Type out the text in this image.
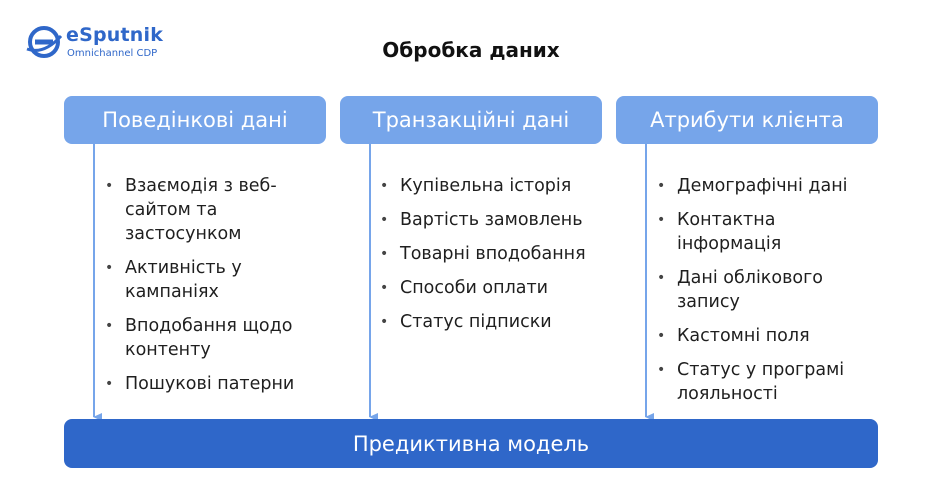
eSputnik
Omnichannel CDP	Обробка даних
Поведінкові дані	Транзакційні дані	Атрибути клієнта
• Взаємодія з веб-сайтом та застосунком
• Активність у кампаніях
• Вподобання щодо контенту
• Пошукові патерни
• Купівельна історія
• Вартість замовлень
• Товарні вподобання
• Способи оплати
• Статус підписки
• Демографічні дані
• Контактна інформація
• Дані облікового запису
• Кастомні поля
• Статус у програмі лояльності
Предиктивна модель
